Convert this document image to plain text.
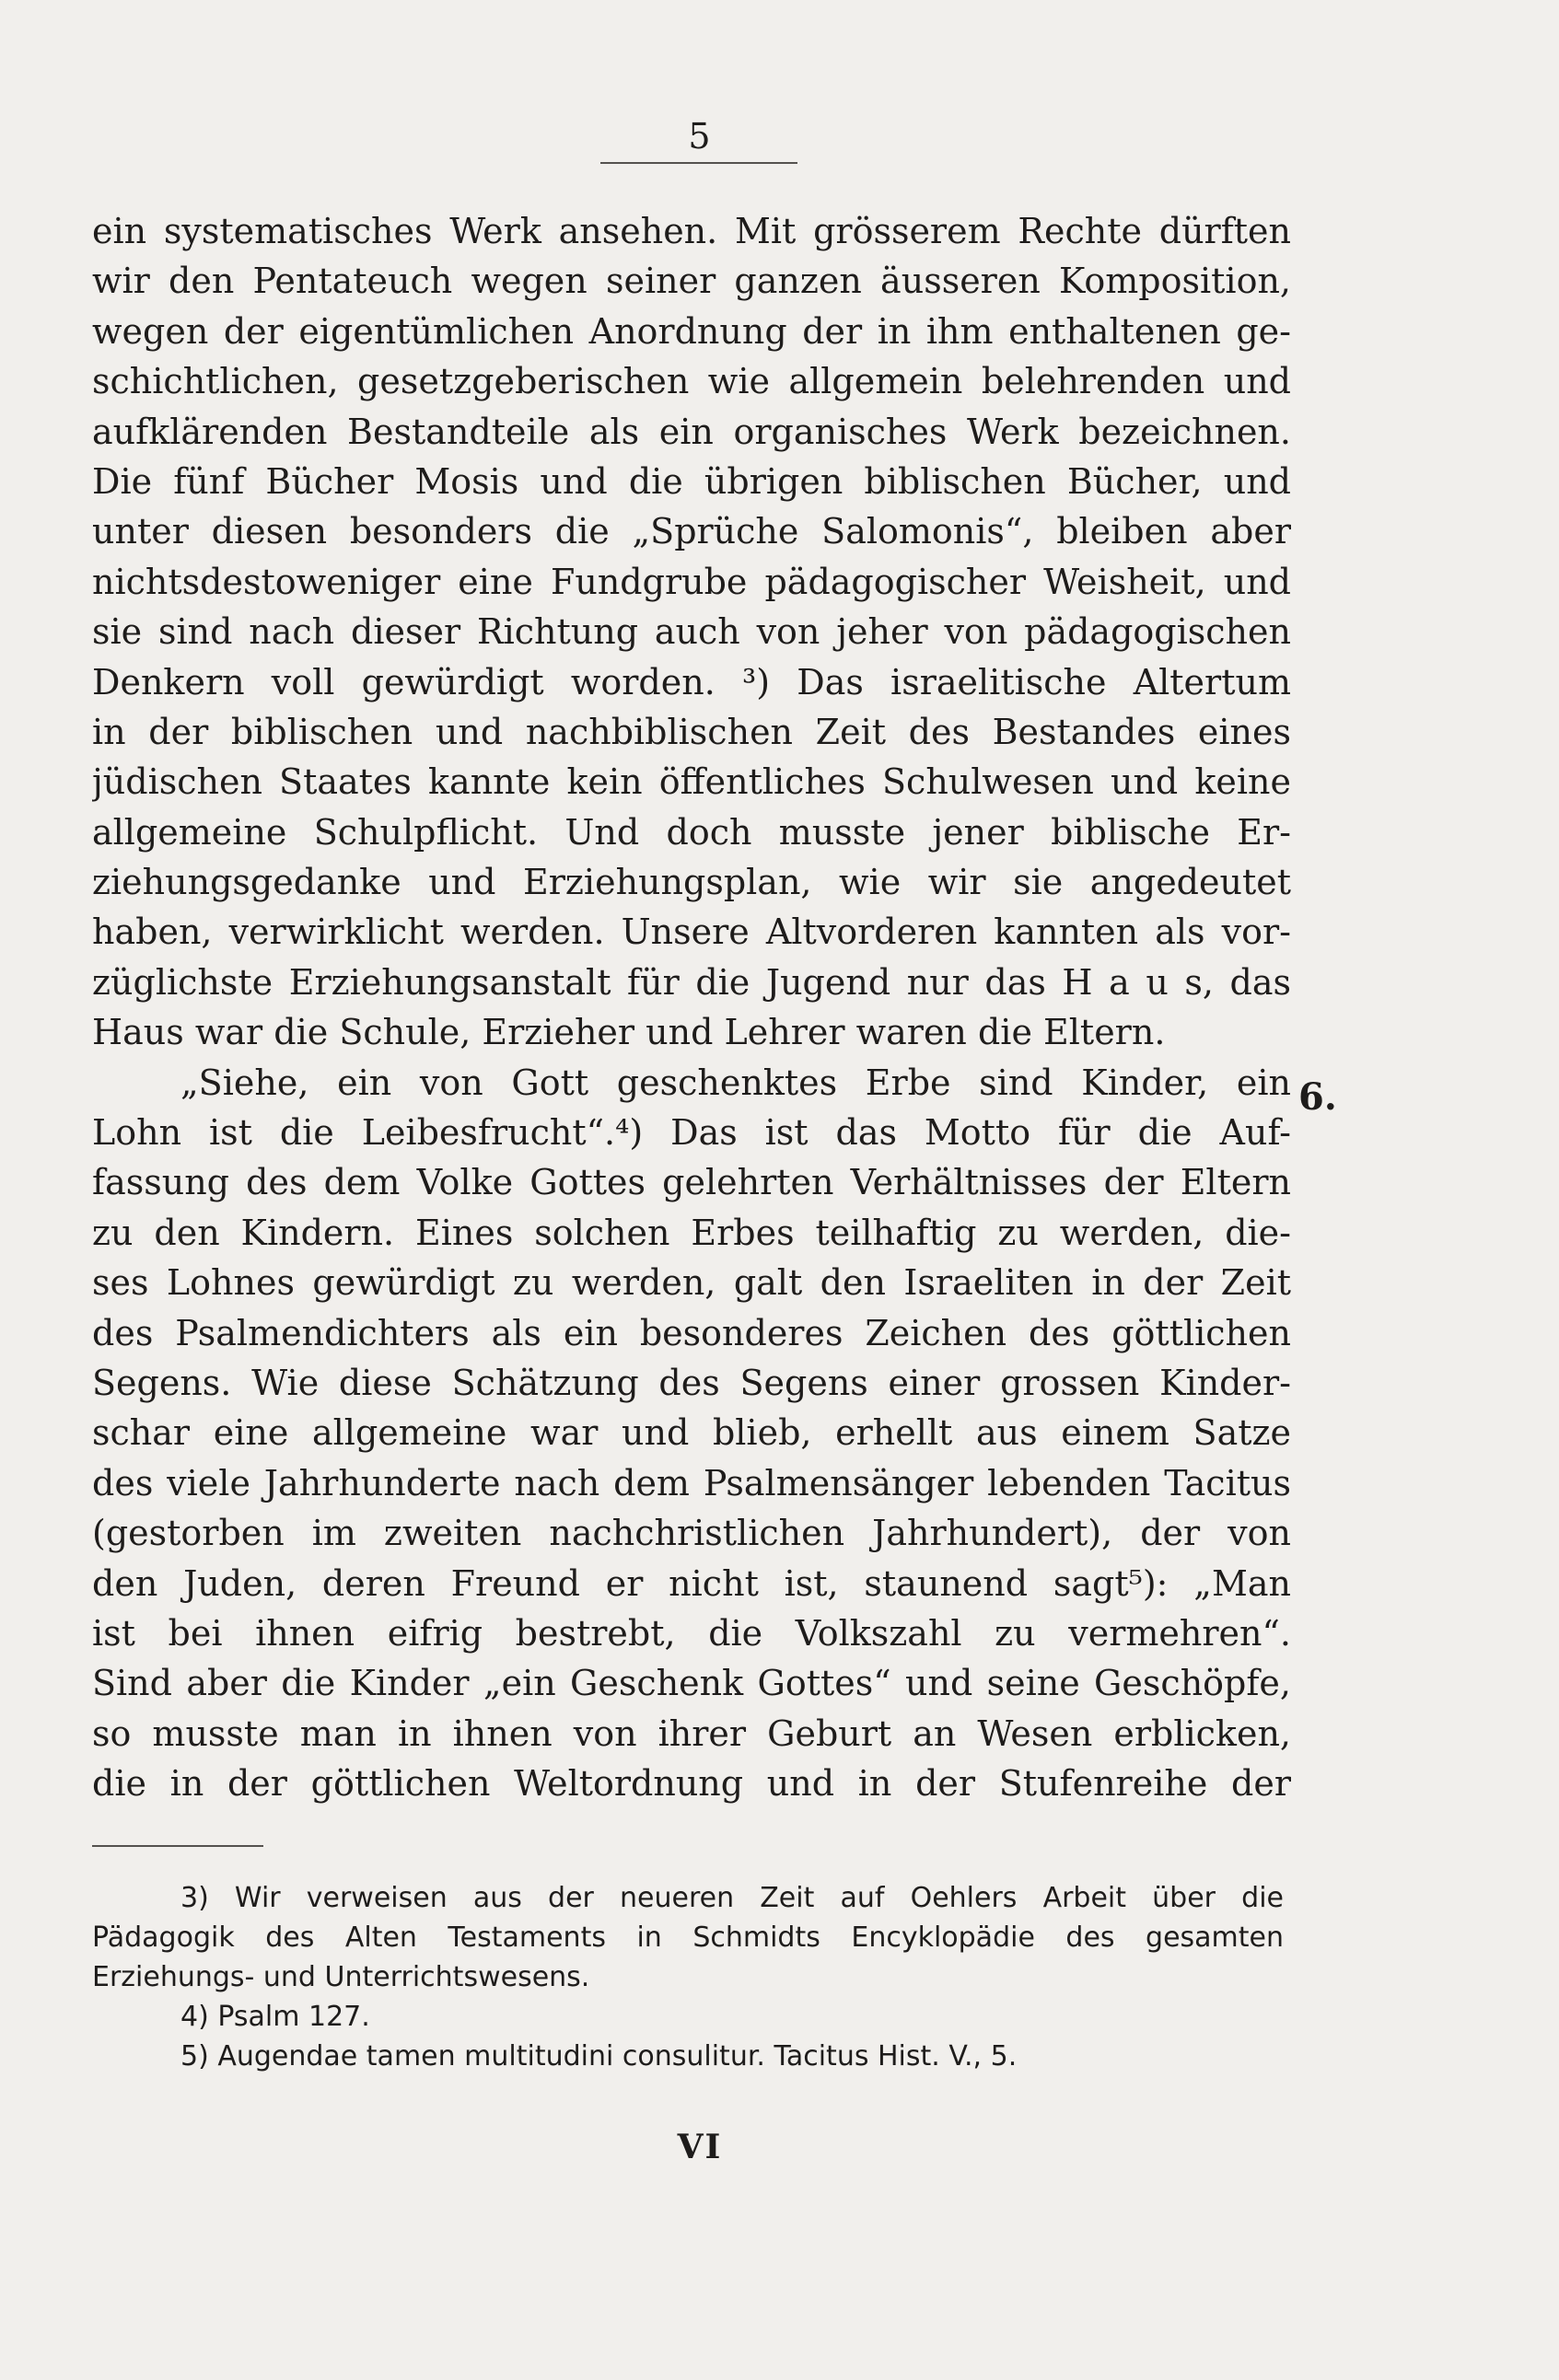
5
ein systematisches Werk ansehen. Mit grösserem Rechte dürften
wir den Pentateuch wegen seiner ganzen äusseren Komposition,
wegen der eigentümlichen Anordnung der in ihm enthaltenen ge-
schichtlichen, gesetzgeberischen wie allgemein belehrenden und
aufklärenden Bestandteile als ein organisches Werk bezeichnen.
Die fünf Bücher Mosis und die übrigen biblischen Bücher, und
unter diesen besonders die „Sprüche Salomonis“, bleiben aber
nichtsdestoweniger eine Fundgrube pädagogischer Weisheit, und
sie sind nach dieser Richtung auch von jeher von pädagogischen
Denkern voll gewürdigt worden. ³) Das israelitische Altertum
in der biblischen und nachbiblischen Zeit des Bestandes eines
jüdischen Staates kannte kein öffentliches Schulwesen und keine
allgemeine Schulpflicht. Und doch musste jener biblische Er-
ziehungsgedanke und Erziehungsplan, wie wir sie angedeutet
haben, verwirklicht werden. Unsere Altvorderen kannten als vor-
züglichste Erziehungsanstalt für die Jugend nur das H a u s, das
Haus war die Schule, Erzieher und Lehrer waren die Eltern.
„Siehe, ein von Gott geschenktes Erbe sind Kinder, ein
Lohn ist die Leibesfrucht“.⁴) Das ist das Motto für die Auf-
fassung des dem Volke Gottes gelehrten Verhältnisses der Eltern
zu den Kindern. Eines solchen Erbes teilhaftig zu werden, die-
ses Lohnes gewürdigt zu werden, galt den Israeliten in der Zeit
des Psalmendichters als ein besonderes Zeichen des göttlichen
Segens. Wie diese Schätzung des Segens einer grossen Kinder-
schar eine allgemeine war und blieb, erhellt aus einem Satze
des viele Jahrhunderte nach dem Psalmensänger lebenden Tacitus
(gestorben im zweiten nachchristlichen Jahrhundert), der von
den Juden, deren Freund er nicht ist, staunend sagt⁵): „Man
ist bei ihnen eifrig bestrebt, die Volkszahl zu vermehren“.
Sind aber die Kinder „ein Geschenk Gottes“ und seine Geschöpfe,
so musste man in ihnen von ihrer Geburt an Wesen erblicken,
die in der göttlichen Weltordnung und in der Stufenreihe der
6.
3) Wir verweisen aus der neueren Zeit auf Oehlers Arbeit über die
Pädagogik des Alten Testaments in Schmidts Encyklopädie des gesamten
Erziehungs- und Unterrichtswesens.
4) Psalm 127.
5) Augendae tamen multitudini consulitur. Tacitus Hist. V., 5.
VI
